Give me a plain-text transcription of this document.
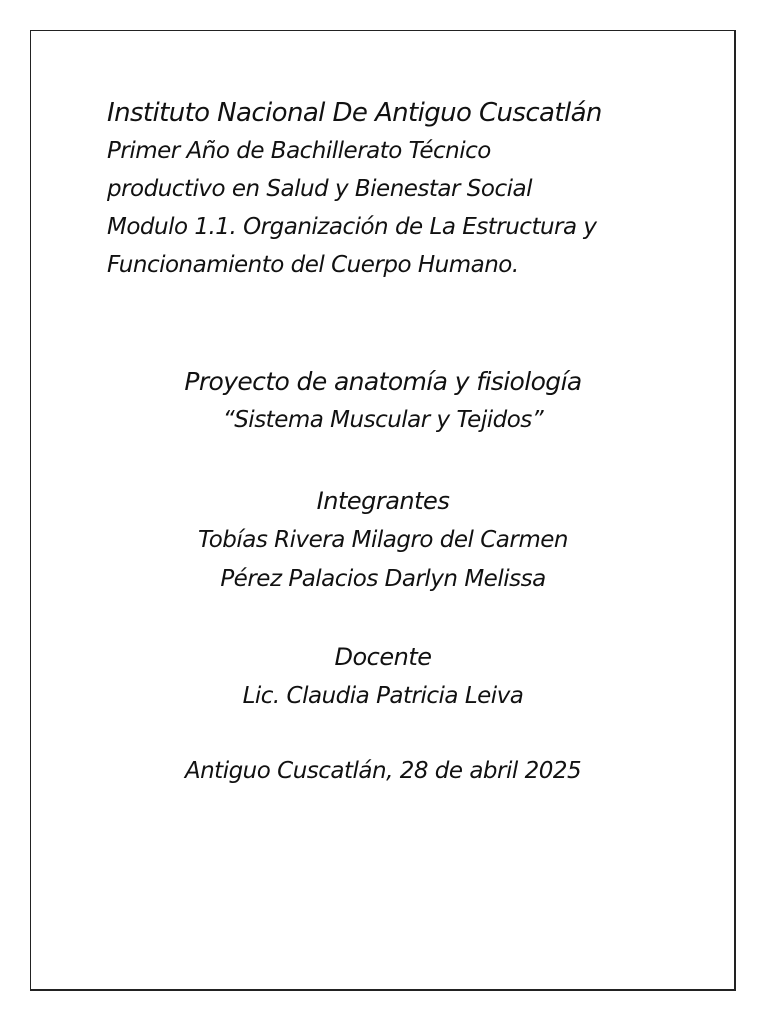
Instituto Nacional De Antiguo Cuscatlán
Primer Año de Bachillerato Técnico
productivo en Salud y Bienestar Social
Modulo 1.1. Organización de La Estructura y
Funcionamiento del Cuerpo Humano.
Proyecto de anatomía y fisiología
“Sistema Muscular y Tejidos”
Integrantes
Tobías Rivera Milagro del Carmen
Pérez Palacios Darlyn Melissa
Docente
Lic. Claudia Patricia Leiva
Antiguo Cuscatlán, 28 de abril 2025
